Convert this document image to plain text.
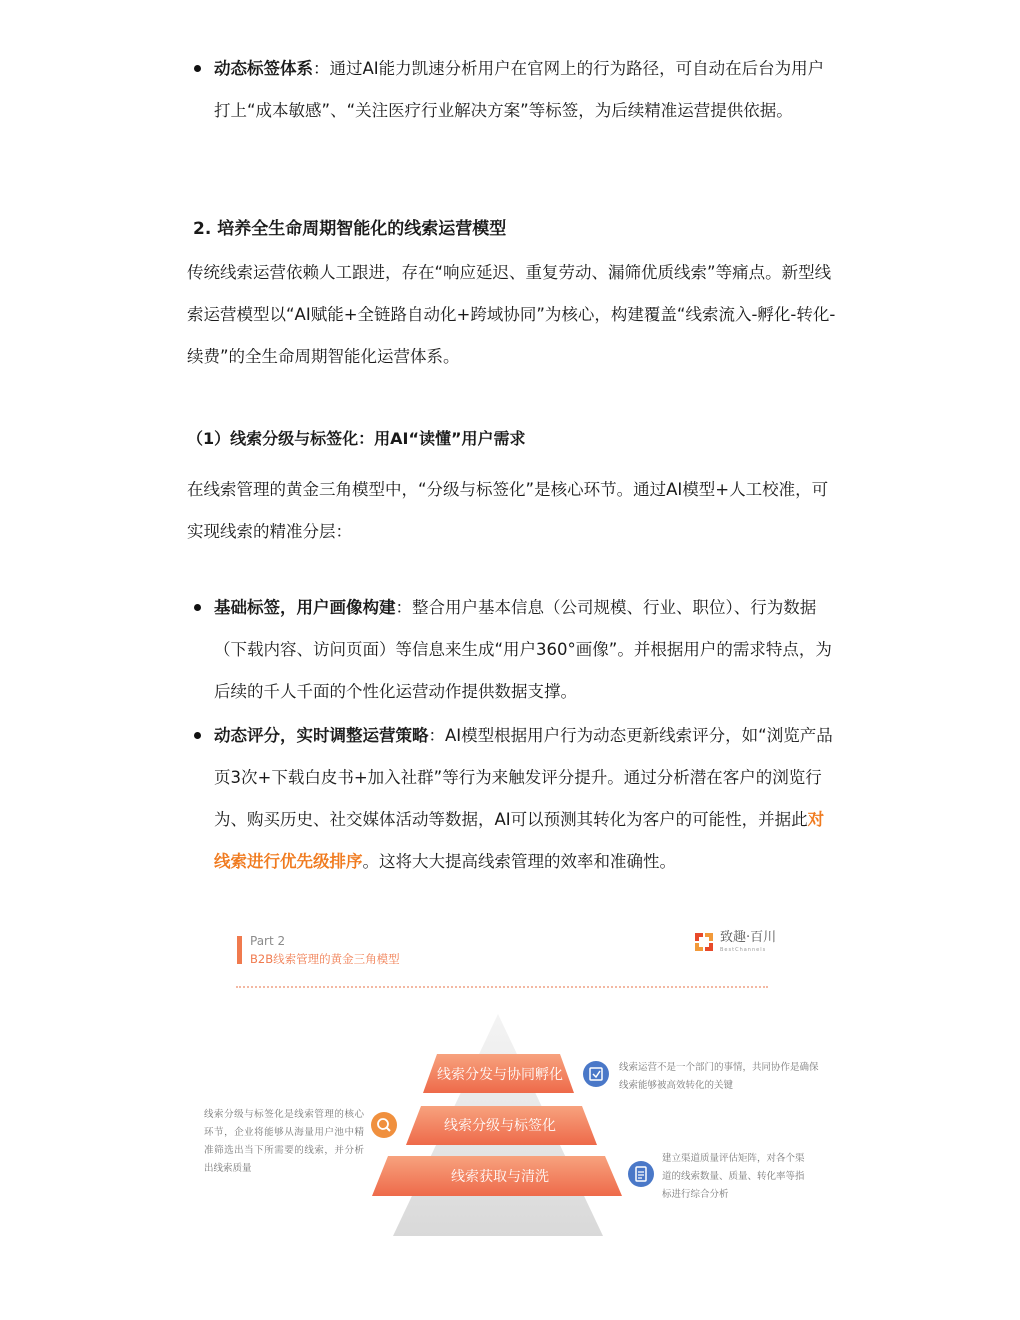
动态标签体系：通过AI能力凯速分析用户在官网上的行为路径，可自动在后台为用户打上“成本敏感”、“关注医疗行业解决方案”等标签，为后续精准运营提供依据。
2. 培养全生命周期智能化的线索运营模型
传统线索运营依赖人工跟进，存在“响应延迟、重复劳动、漏筛优质线索”等痛点。新型线索运营模型以“AI赋能+全链路自动化+跨域协同”为核心，构建覆盖“线索流入-孵化-转化-续费”的全生命周期智能化运营体系。
（1）线索分级与标签化：用AI“读懂”用户需求
在线索管理的黄金三角模型中，“分级与标签化”是核心环节。通过AI模型+人工校准，可实现线索的精准分层：
基础标签，用户画像构建：整合用户基本信息（公司规模、行业、职位）、行为数据（下载内容、访问页面）等信息来生成“用户360°画像”。并根据用户的需求特点，为后续的千人千面的个性化运营动作提供数据支撑。
动态评分，实时调整运营策略：AI模型根据用户行为动态更新线索评分，如“浏览产品页3次+下载白皮书+加入社群”等行为来触发评分提升。通过分析潜在客户的浏览行为、购买历史、社交媒体活动等数据，AI可以预测其转化为客户的可能性，并据此对线索进行优先级排序。这将大大提高线索管理的效率和准确性。
Part 2
B2B线索管理的黄金三角模型
致趣·百川
BestChannels
线索分发与协同孵化
线索分级与标签化
线索获取与清洗
线索运营不是一个部门的事情，共同协作是确保线索能够被高效转化的关键
线索分级与标签化是线索管理的核心环节，企业将能够从海量用户池中精准筛选出当下所需要的线索，并分析出线索质量
建立渠道质量评估矩阵，对各个渠道的线索数量、质量、转化率等指标进行综合分析
